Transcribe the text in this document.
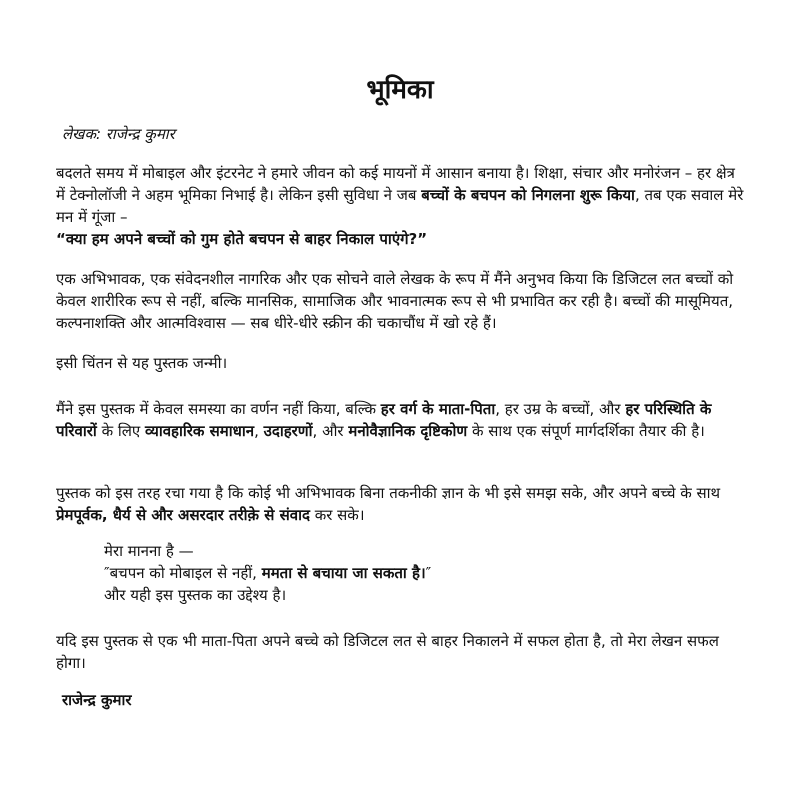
भूमिका

लेखक: राजेन्द्र कुमार

बदलते समय में मोबाइल और इंटरनेट ने हमारे जीवन को कई मायनों में आसान बनाया है। शिक्षा, संचार और मनोरंजन – हर क्षेत्र में टेक्नोलॉजी ने अहम भूमिका निभाई है। लेकिन इसी सुविधा ने जब बच्चों के बचपन को निगलना शुरू किया, तब एक सवाल मेरे मन में गूंजा –
“क्या हम अपने बच्चों को गुम होते बचपन से बाहर निकाल पाएंगे?”

एक अभिभावक, एक संवेदनशील नागरिक और एक सोचने वाले लेखक के रूप में मैंने अनुभव किया कि डिजिटल लत बच्चों को केवल शारीरिक रूप से नहीं, बल्कि मानसिक, सामाजिक और भावनात्मक रूप से भी प्रभावित कर रही है। बच्चों की मासूमियत, कल्पनाशक्ति और आत्मविश्वास — सब धीरे-धीरे स्क्रीन की चकाचौंध में खो रहे हैं।

इसी चिंतन से यह पुस्तक जन्मी।

मैंने इस पुस्तक में केवल समस्या का वर्णन नहीं किया, बल्कि हर वर्ग के माता-पिता, हर उम्र के बच्चों, और हर परिस्थिति के परिवारों के लिए व्यावहारिक समाधान, उदाहरणों, और मनोवैज्ञानिक दृष्टिकोण के साथ एक संपूर्ण मार्गदर्शिका तैयार की है।

पुस्तक को इस तरह रचा गया है कि कोई भी अभिभावक बिना तकनीकी ज्ञान के भी इसे समझ सके, और अपने बच्चे के साथ प्रेमपूर्वक, धैर्य से और असरदार तरीक़े से संवाद कर सके।

मेरा मानना है —
″बचपन को मोबाइल से नहीं, ममता से बचाया जा सकता है।″
और यही इस पुस्तक का उद्देश्य है।

यदि इस पुस्तक से एक भी माता-पिता अपने बच्चे को डिजिटल लत से बाहर निकालने में सफल होता है, तो मेरा लेखन सफल होगा।

राजेन्द्र कुमार
